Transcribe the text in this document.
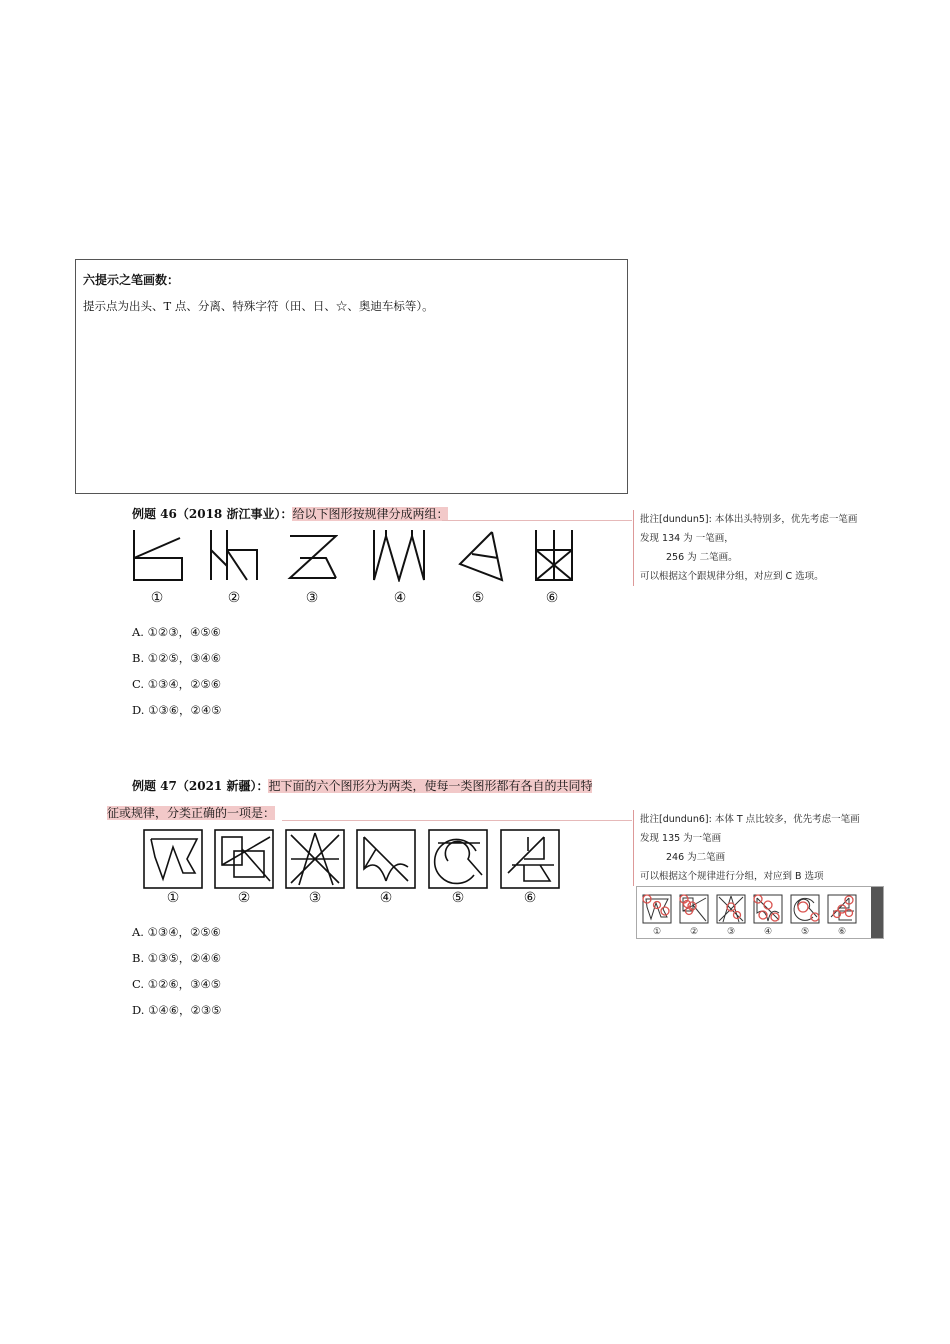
六提示之笔画数：
提示点为出头、T 点、分离、特殊字符（田、日、☆、奥迪车标等）。
例题 46（2018 浙江事业）：给以下图形按规律分成两组：
①	②	③	④	⑤	⑥
A. ①②③，④⑤⑥
B. ①②⑤，③④⑥
C. ①③④，②⑤⑥
D. ①③⑥，②④⑤
批注[dundun5]: 本体出头特别多，优先考虑一笔画
发现 134 为 一笔画，
256 为 二笔画。
可以根据这个跟规律分组，对应到 C 选项。
例题 47（2021 新疆）：把下面的六个图形分为两类，使每一类图形都有各自的共同特
征或规律，分类正确的一项是：
①	②	③	④	⑤	⑥
A. ①③④，②⑤⑥
B. ①③⑤，②④⑥
C. ①②⑥，③④⑤
D. ①④⑥，②③⑤
批注[dundun6]: 本体 T 点比较多，优先考虑一笔画
发现 135 为一笔画
246 为二笔画
可以根据这个规律进行分组，对应到 B 选项
①	②	③	④	⑤	⑥
